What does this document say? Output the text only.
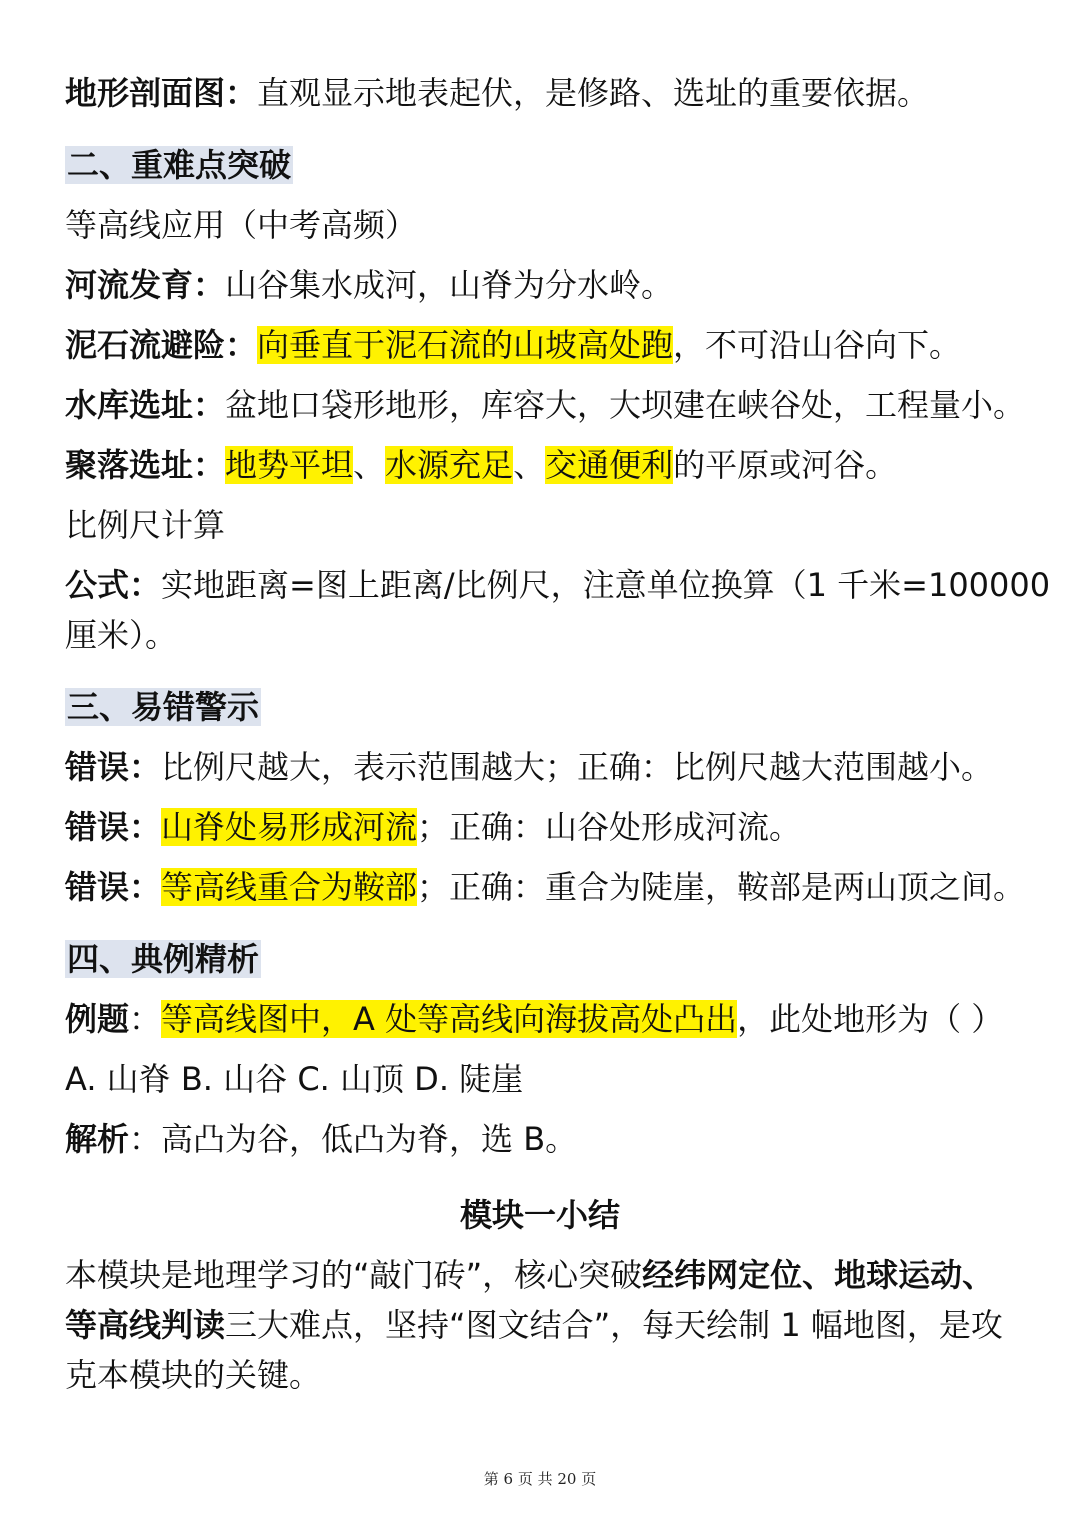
地形剖面图：直观显示地表起伏，是修路、选址的重要依据。
二、重难点突破
等高线应用（中考高频）
河流发育：山谷集水成河，山脊为分水岭。
泥石流避险：向垂直于泥石流的山坡高处跑，不可沿山谷向下。
水库选址：盆地口袋形地形，库容大，大坝建在峡谷处，工程量小。
聚落选址：地势平坦、水源充足、交通便利的平原或河谷。
比例尺计算
公式：实地距离=图上距离/比例尺，注意单位换算（1 千米=100000
厘米）。
三、易错警示
错误：比例尺越大，表示范围越大；正确：比例尺越大范围越小。
错误：山脊处易形成河流；正确：山谷处形成河流。
错误：等高线重合为鞍部；正确：重合为陡崖，鞍部是两山顶之间。
四、典例精析
例题：等高线图中，A 处等高线向海拔高处凸出，此处地形为（ ）
A. 山脊 B. 山谷 C. 山顶 D. 陡崖
解析：高凸为谷，低凸为脊，选 B。
模块一小结
本模块是地理学习的“敲门砖”，核心突破经纬网定位、地球运动、等高线判读三大难点，坚持“图文结合”，每天绘制 1 幅地图，是攻克本模块的关键。
第 6 页 共 20 页
